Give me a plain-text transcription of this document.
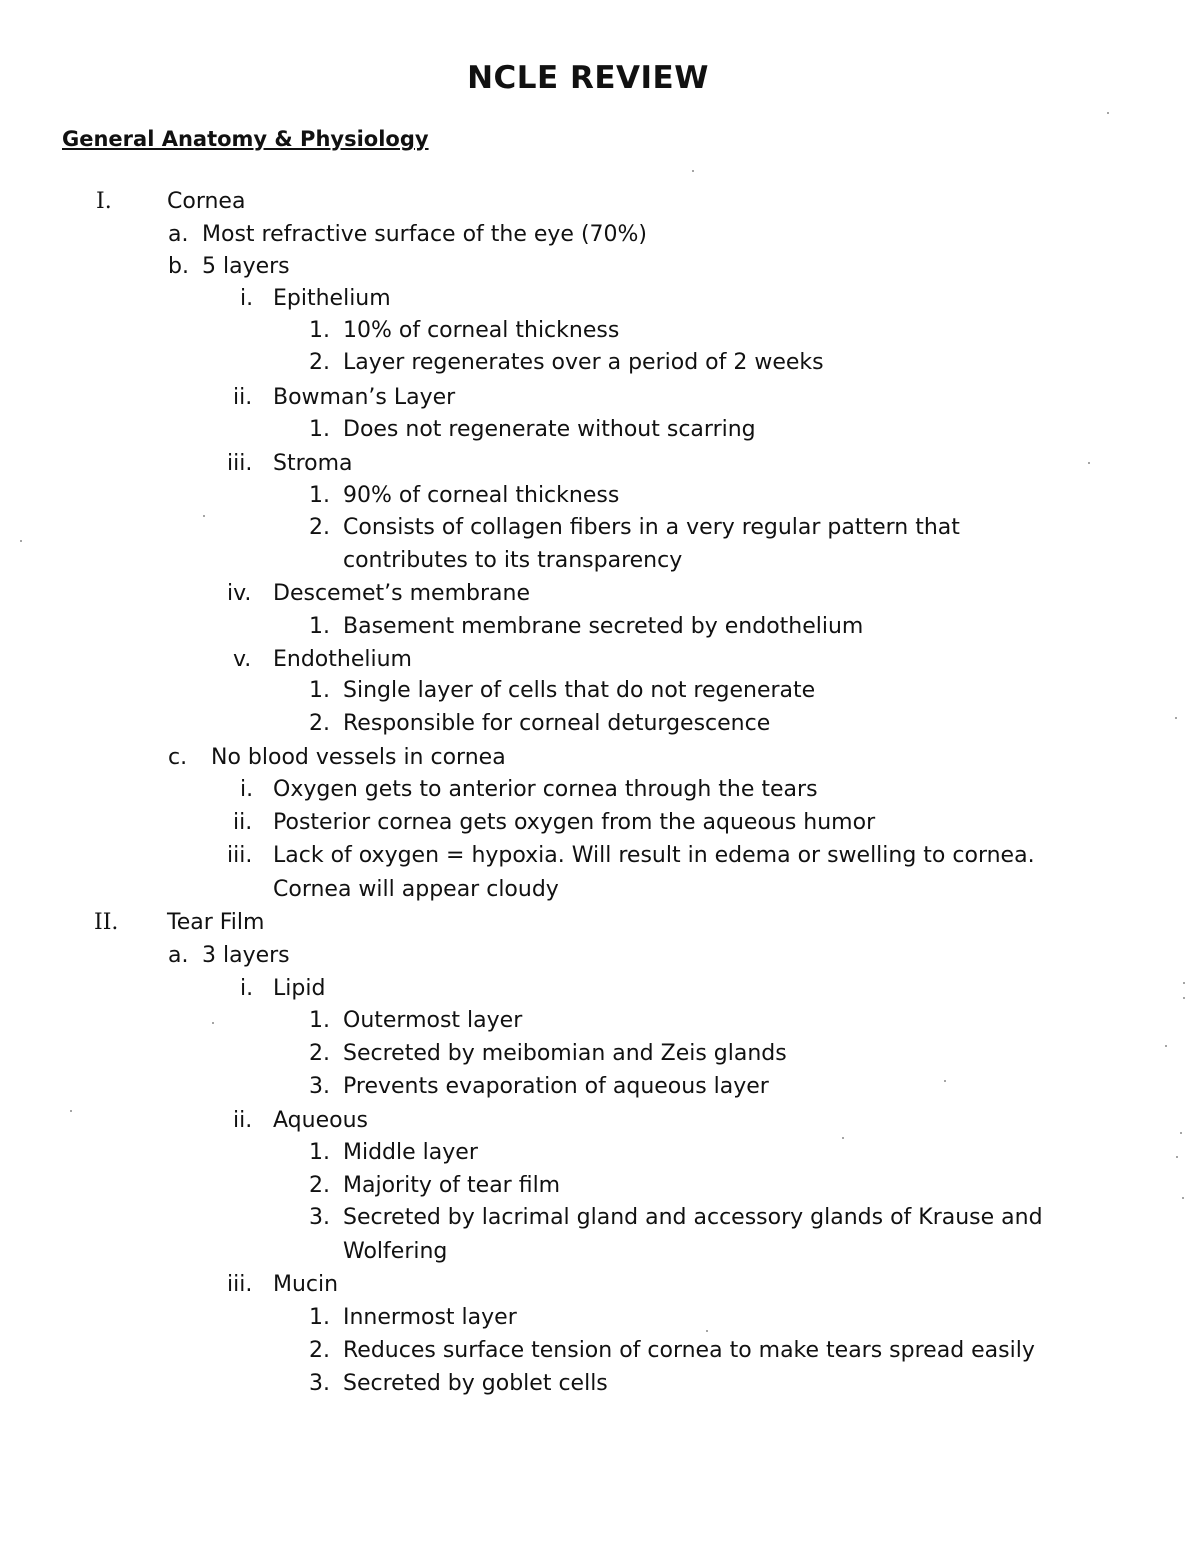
NCLE REVIEW
General Anatomy & Physiology
I.	Cornea
a. Most refractive surface of the eye (70%)
b. 5 layers
i. Epithelium
1. 10% of corneal thickness
2. Layer regenerates over a period of 2 weeks
ii. Bowman’s Layer
1. Does not regenerate without scarring
iii. Stroma
1. 90% of corneal thickness
2. Consists of collagen fibers in a very regular pattern that
contributes to its transparency
iv. Descemet’s membrane
1. Basement membrane secreted by endothelium
v. Endothelium
1. Single layer of cells that do not regenerate
2. Responsible for corneal deturgescence
c. No blood vessels in cornea
i. Oxygen gets to anterior cornea through the tears
ii. Posterior cornea gets oxygen from the aqueous humor
iii. Lack of oxygen = hypoxia. Will result in edema or swelling to cornea.
Cornea will appear cloudy
II. Tear Film
a. 3 layers
i. Lipid
1. Outermost layer
2. Secreted by meibomian and Zeis glands
3. Prevents evaporation of aqueous layer
ii. Aqueous
1. Middle layer
2. Majority of tear film
3. Secreted by lacrimal gland and accessory glands of Krause and
Wolfering
iii. Mucin
1. Innermost layer
2. Reduces surface tension of cornea to make tears spread easily
3. Secreted by goblet cells
